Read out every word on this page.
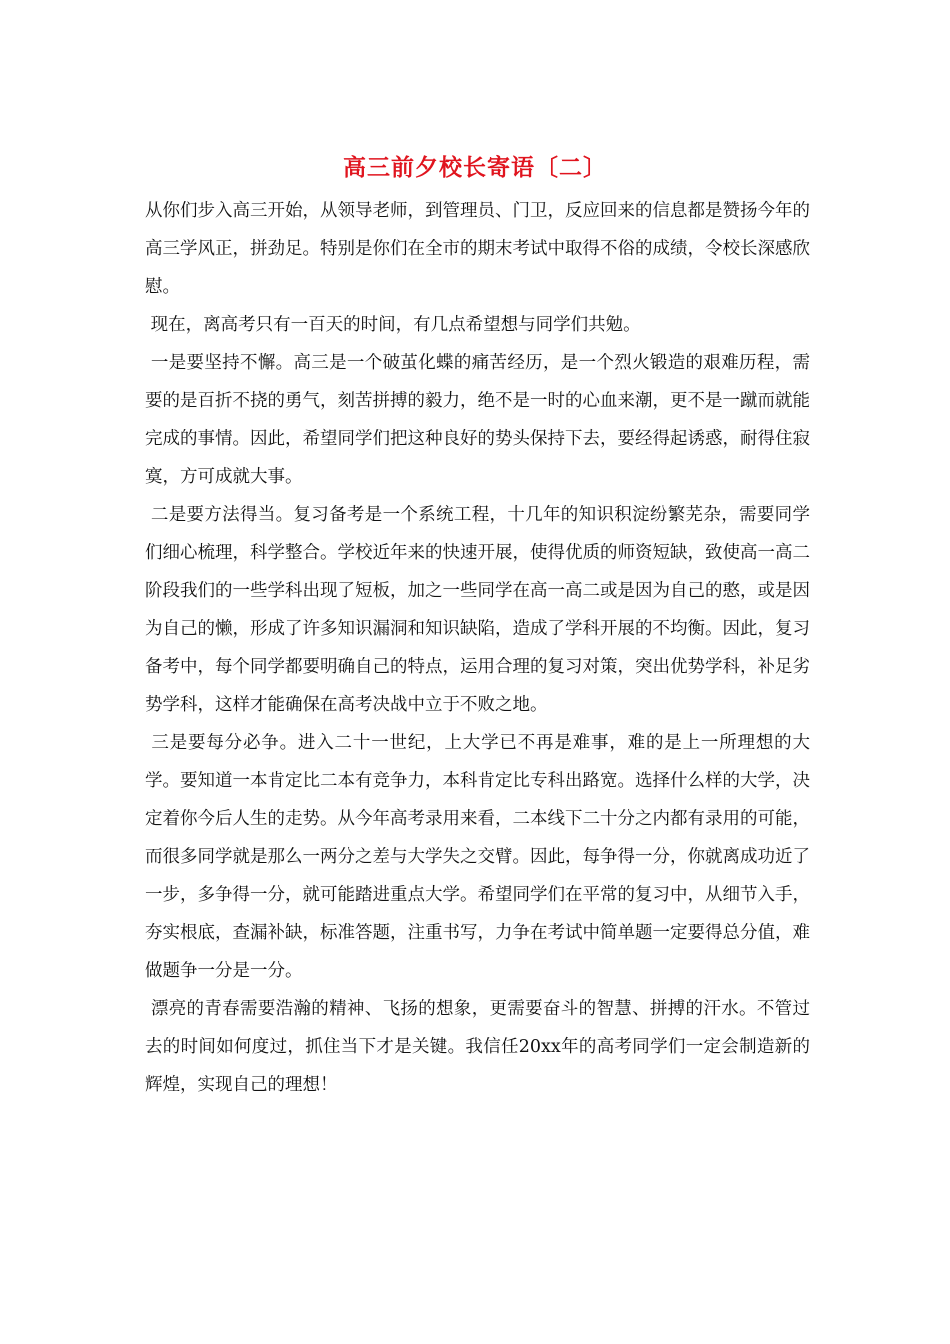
高三前夕校长寄语〔二〕

从你们步入高三开始，从领导老师，到管理员、门卫，反应回来的信息都是赞扬今年的高三学风正，拼劲足。特别是你们在全市的期末考试中取得不俗的成绩，令校长深感欣慰。

现在，离高考只有一百天的时间，有几点希望想与同学们共勉。

一是要坚持不懈。高三是一个破茧化蝶的痛苦经历，是一个烈火锻造的艰难历程，需要的是百折不挠的勇气，刻苦拼搏的毅力，绝不是一时的心血来潮，更不是一蹴而就能完成的事情。因此，希望同学们把这种良好的势头保持下去，要经得起诱惑，耐得住寂寞，方可成就大事。

二是要方法得当。复习备考是一个系统工程，十几年的知识积淀纷繁芜杂，需要同学们细心梳理，科学整合。学校近年来的快速开展，使得优质的师资短缺，致使高一高二阶段我们的一些学科出现了短板，加之一些同学在高一高二或是因为自己的憨，或是因为自己的懒，形成了许多知识漏洞和知识缺陷，造成了学科开展的不均衡。因此，复习备考中，每个同学都要明确自己的特点，运用合理的复习对策，突出优势学科，补足劣势学科，这样才能确保在高考决战中立于不败之地。

三是要每分必争。进入二十一世纪，上大学已不再是难事，难的是上一所理想的大学。要知道一本肯定比二本有竞争力，本科肯定比专科出路宽。选择什么样的大学，决定着你今后人生的走势。从今年高考录用来看，二本线下二十分之内都有录用的可能，而很多同学就是那么一两分之差与大学失之交臂。因此，每争得一分，你就离成功近了一步，多争得一分，就可能踏进重点大学。希望同学们在平常的复习中，从细节入手，夯实根底，查漏补缺，标准答题，注重书写，力争在考试中简单题一定要得总分值，难做题争一分是一分。

漂亮的青春需要浩瀚的精神、飞扬的想象，更需要奋斗的智慧、拼搏的汗水。不管过去的时间如何度过，抓住当下才是关键。我信任20xx年的高考同学们一定会制造新的辉煌，实现自己的理想！
